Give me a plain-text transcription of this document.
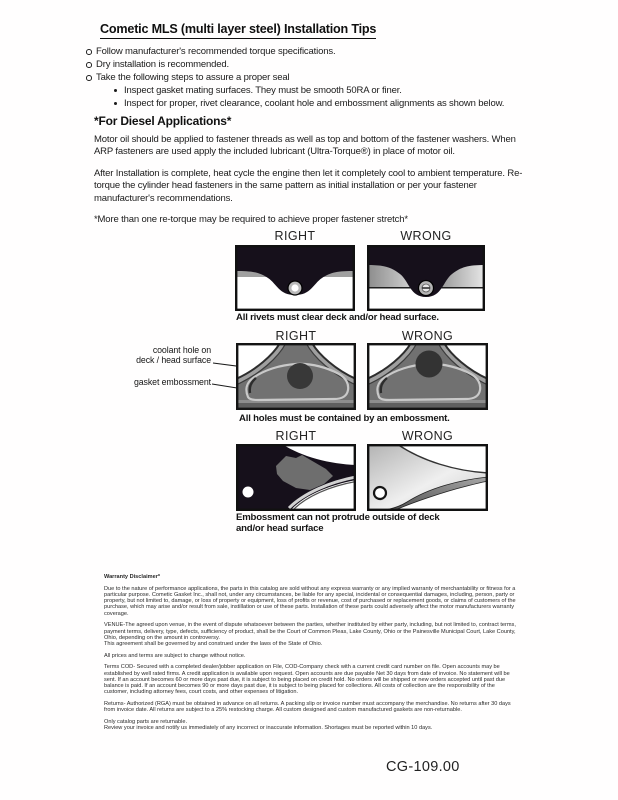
Cometic MLS (multi layer steel) Installation Tips
Follow manufacturer's recommended torque specifications.
Dry installation is recommended.
Take the following steps to assure a proper seal
Inspect gasket mating surfaces. They must be smooth 50RA or finer.
Inspect for proper, rivet clearance, coolant hole and embossment alignments as shown below.
*For Diesel Applications*

Motor oil should be applied to fastener threads as well as top and bottom of the fastener washers. When ARP fasteners are used apply the included lubricant (Ultra-Torque®) in place of motor oil.

After Installation is complete, heat cycle the engine then let it completely cool to ambient temperature. Re-torque the cylinder head fasteners in the same pattern as initial installation or per your fastener manufacturer's recommendations.

*More than one re-torque may be required to achieve proper fastener stretch*

RIGHT	WRONG
All rivets must clear deck and/or head surface.
RIGHT	WRONG
coolant hole on
deck / head surface
gasket embossment
All holes must be contained by an embossment.
RIGHT	WRONG
Embossment can not protrude outside of deck and/or head surface
Warranty Disclaimer*
Due to the nature of performance applications, the parts in this catalog are sold without any express warranty or any implied warranty of merchantability or fitness for a particular purpose. Cometic Gasket Inc., shall not, under any circumstances, be liable for any special, incidental or consequential damages, including, person, party or property, but not limited to, damage, or loss of property or equipment, loss of profits or revenue, cost of purchased or replacement goods, or claims of customers of the purchase, which may arise and/or result from sale, instillation or use of these parts. Installation of these parts could adversely affect the motor manufacturers warranty coverage.
VENUE-The agreed upon venue, in the event of dispute whatsoever between the parties, whether instituted by either party, including, but not limited to, contract terms, payment terms, delivery, type, defects, sufficiency of product, shall be the Court of Common Pleas, Lake County, Ohio or the Painesville Municipal Court, Lake County, Ohio, depending on the amount in controversy.
This agreement shall be governed by and construed under the laws of the State of Ohio.
All prices and terms are subject to change without notice.
Terms COD- Secured with a completed dealer/jobber application on File, COD-Company check with a current credit card number on file. Open accounts may be established by well rated firms. A credit application is available upon request. Open accounts are due payable Net 30 days from date of invoice. No statement will be sent. If an account becomes 60 or more days past due, it is subject to being placed on credit hold. No orders will be shipped or new orders accepted until past due balance is paid. If an account becomes 90 or more days past due, it is subject to being placed for collections. All costs of collection are the responsibility of the customer, including attorney fees, court costs, and other expenses of litigation.
Returns- Authorized (RGA) must be obtained in advance on all returns. A packing slip or invoice number must accompany the merchandise. No returns after 30 days from invoice date. All returns are subject to a 25% restocking charge. All custom designed and custom manufactured gaskets are non-returnable.
Only catalog parts are returnable.
Review your invoice and notify us immediately of any incorrect or inaccurate information. Shortages must be reported within 10 days.
CG-109.00
